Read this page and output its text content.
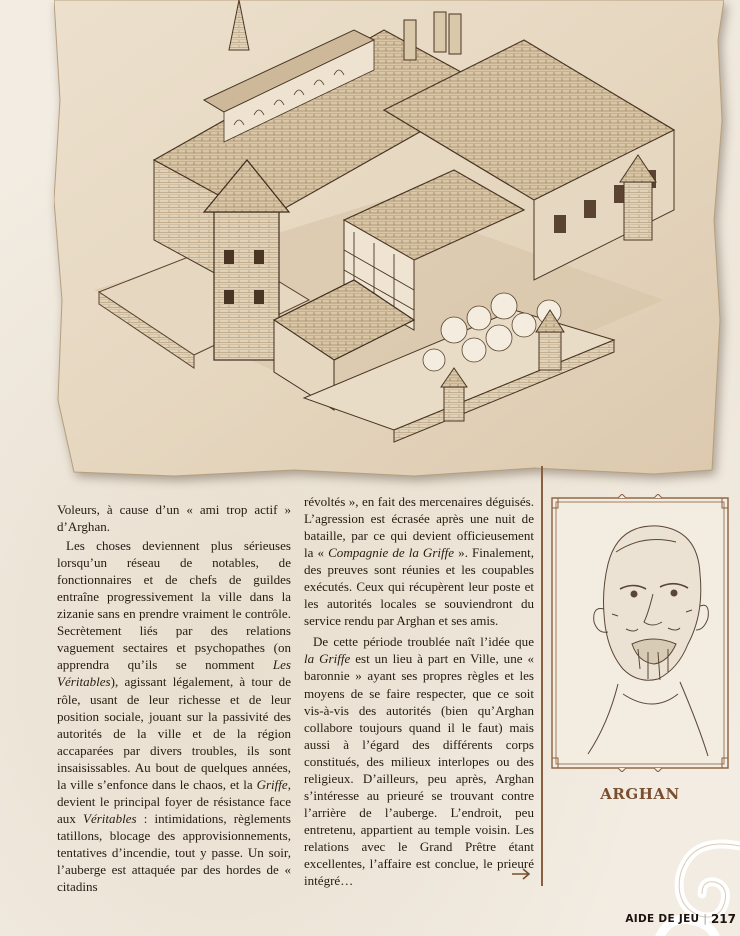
Voleurs, à cause d’un « ami trop actif » d’Arghan.

Les choses deviennent plus sérieuses lorsqu’un réseau de notables, de fonctionnaires et de chefs de guildes entraîne progressivement la ville dans la zizanie sans en prendre vraiment le contrôle. Secrètement liés par des relations vaguement sectaires et psychopathes (on apprendra qu’ils se nomment Les Véritables), agissant légalement, à tour de rôle, usant de leur richesse et de leur position sociale, jouant sur la passivité des autorités de la ville et de la région accaparées par divers troubles, ils sont insaisissables. Au bout de quelques années, la ville s’enfonce dans le chaos, et la Griffe, devient le principal foyer de résistance face aux Véritables : intimidations, règlements tatillons, blocage des approvisionnements, tentatives d’incendie, tout y passe. Un soir, l’auberge est attaquée par des hordes de « citadins

révoltés », en fait des mercenaires déguisés. L’agression est écrasée après une nuit de bataille, par ce qui devient officieusement la « Compagnie de la Griffe ». Finalement, des preuves sont réunies et les coupables exécutés. Ceux qui récupèrent leur poste et les autorités locales se souviendront du service rendu par Arghan et ses amis.

De cette période troublée naît l’idée que la Griffe est un lieu à part en Ville, une « baronnie » ayant ses propres règles et les moyens de se faire respecter, que ce soit vis-à-vis des autorités (bien qu’Arghan collabore toujours quand il le faut) mais aussi à l’égard des différents corps constitués, des milieux interlopes ou des religieux. D’ailleurs, peu après, Arghan s’intéresse au prieuré se trouvant contre l’arrière de l’auberge. L’endroit, peu entretenu, appartient au temple voisin. Les relations avec le Grand Prêtre étant excellentes, l’affaire est conclue, le prieuré intégré…

ARGHAN
AIDE DE JEU | 217
